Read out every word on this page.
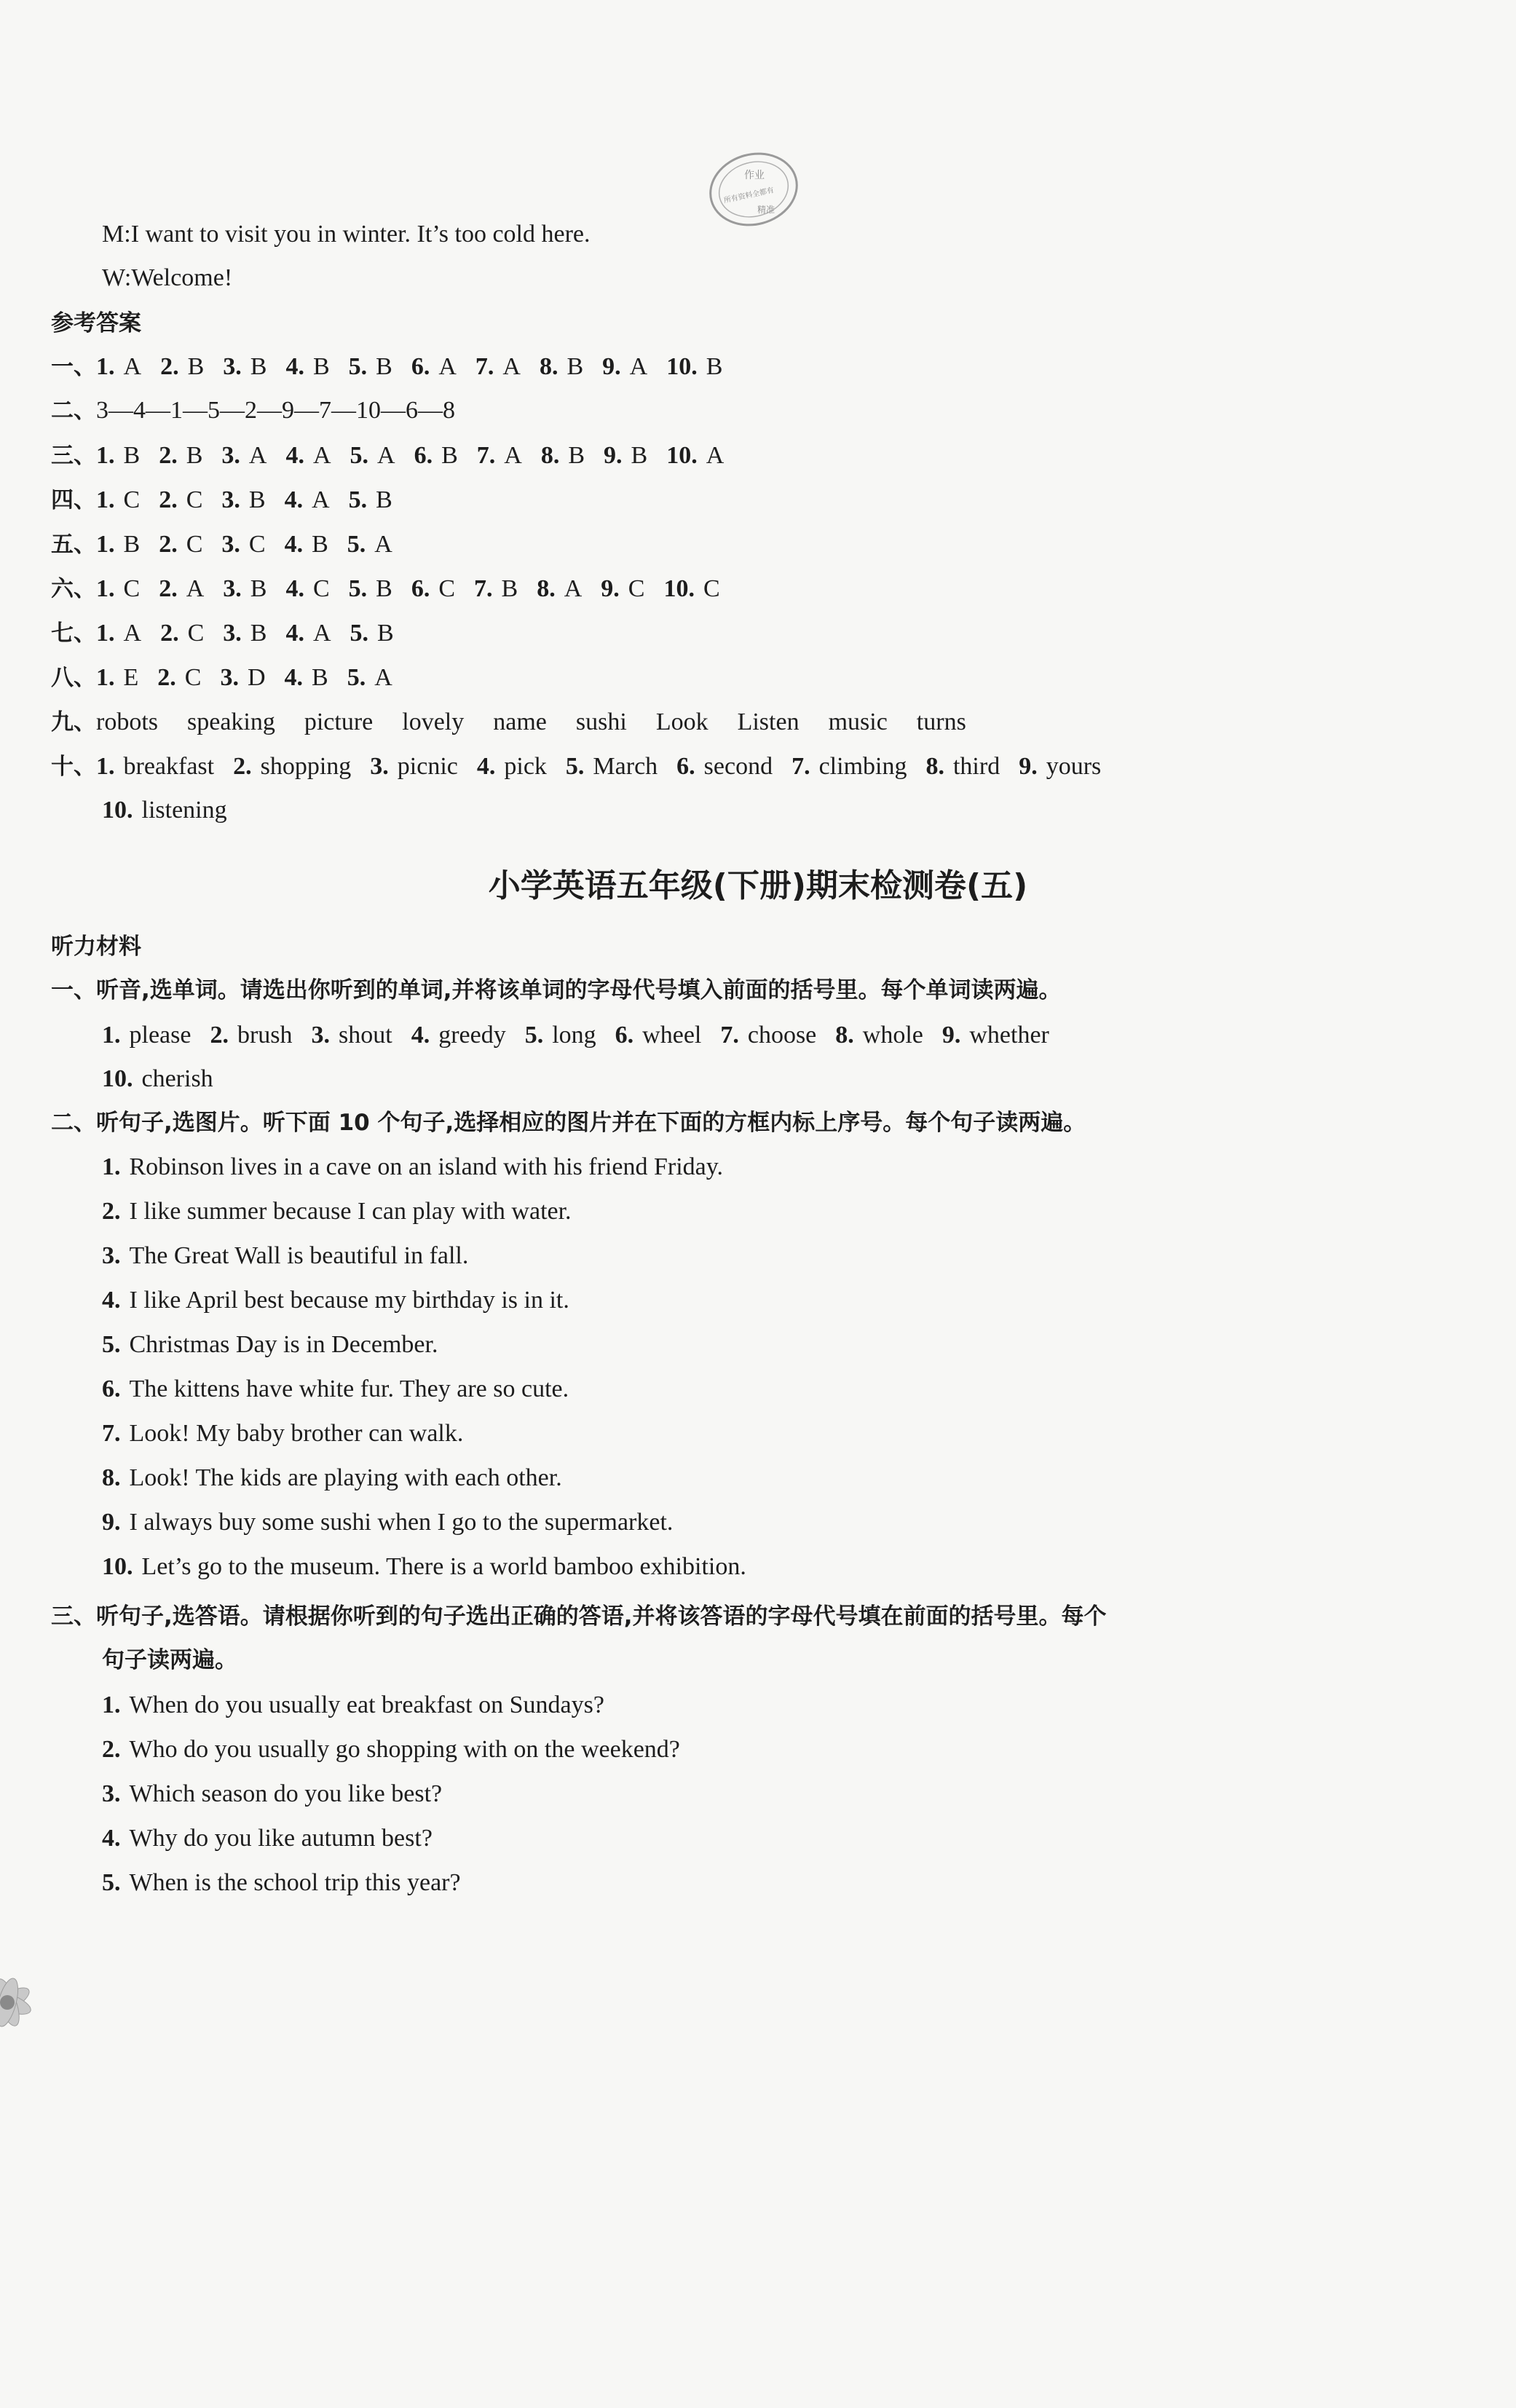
作业
所有资料全都有
精准
M:I want to visit you in winter. It’s too cold here.
W:Welcome!
参考答案
一、1. A 2. B 3. B 4. B 5. B 6. A 7. A 8. B 9. A 10. B
二、3—4—1—5—2—9—7—10—6—8
三、1. B 2. B 3. A 4. A 5. A 6. B 7. A 8. B 9. B 10. A
四、1. C 2. C 3. B 4. A 5. B
五、1. B 2. C 3. C 4. B 5. A
六、1. C 2. A 3. B 4. C 5. B 6. C 7. B 8. A 9. C 10. C
七、1. A 2. C 3. B 4. A 5. B
八、1. E 2. C 3. D 4. B 5. A
九、robots speaking picture lovely name sushi Look Listen music turns
十、1. breakfast 2. shopping 3. picnic 4. pick 5. March 6. second 7. climbing 8. third 9. yours
10. listening
小学英语五年级(下册)期末检测卷(五)
听力材料
一、听音,选单词。请选出你听到的单词,并将该单词的字母代号填入前面的括号里。每个单词读两遍。
1. please 2. brush 3. shout 4. greedy 5. long 6. wheel 7. choose 8. whole 9. whether
10. cherish
二、听句子,选图片。听下面 10 个句子,选择相应的图片并在下面的方框内标上序号。每个句子读两遍。
1. Robinson lives in a cave on an island with his friend Friday.
2. I like summer because I can play with water.
3. The Great Wall is beautiful in fall.
4. I like April best because my birthday is in it.
5. Christmas Day is in December.
6. The kittens have white fur. They are so cute.
7. Look! My baby brother can walk.
8. Look! The kids are playing with each other.
9. I always buy some sushi when I go to the supermarket.
10. Let’s go to the museum. There is a world bamboo exhibition.
三、听句子,选答语。请根据你听到的句子选出正确的答语,并将该答语的字母代号填在前面的括号里。每个
句子读两遍。
1. When do you usually eat breakfast on Sundays?
2. Who do you usually go shopping with on the weekend?
3. Which season do you like best?
4. Why do you like autumn best?
5. When is the school trip this year?
